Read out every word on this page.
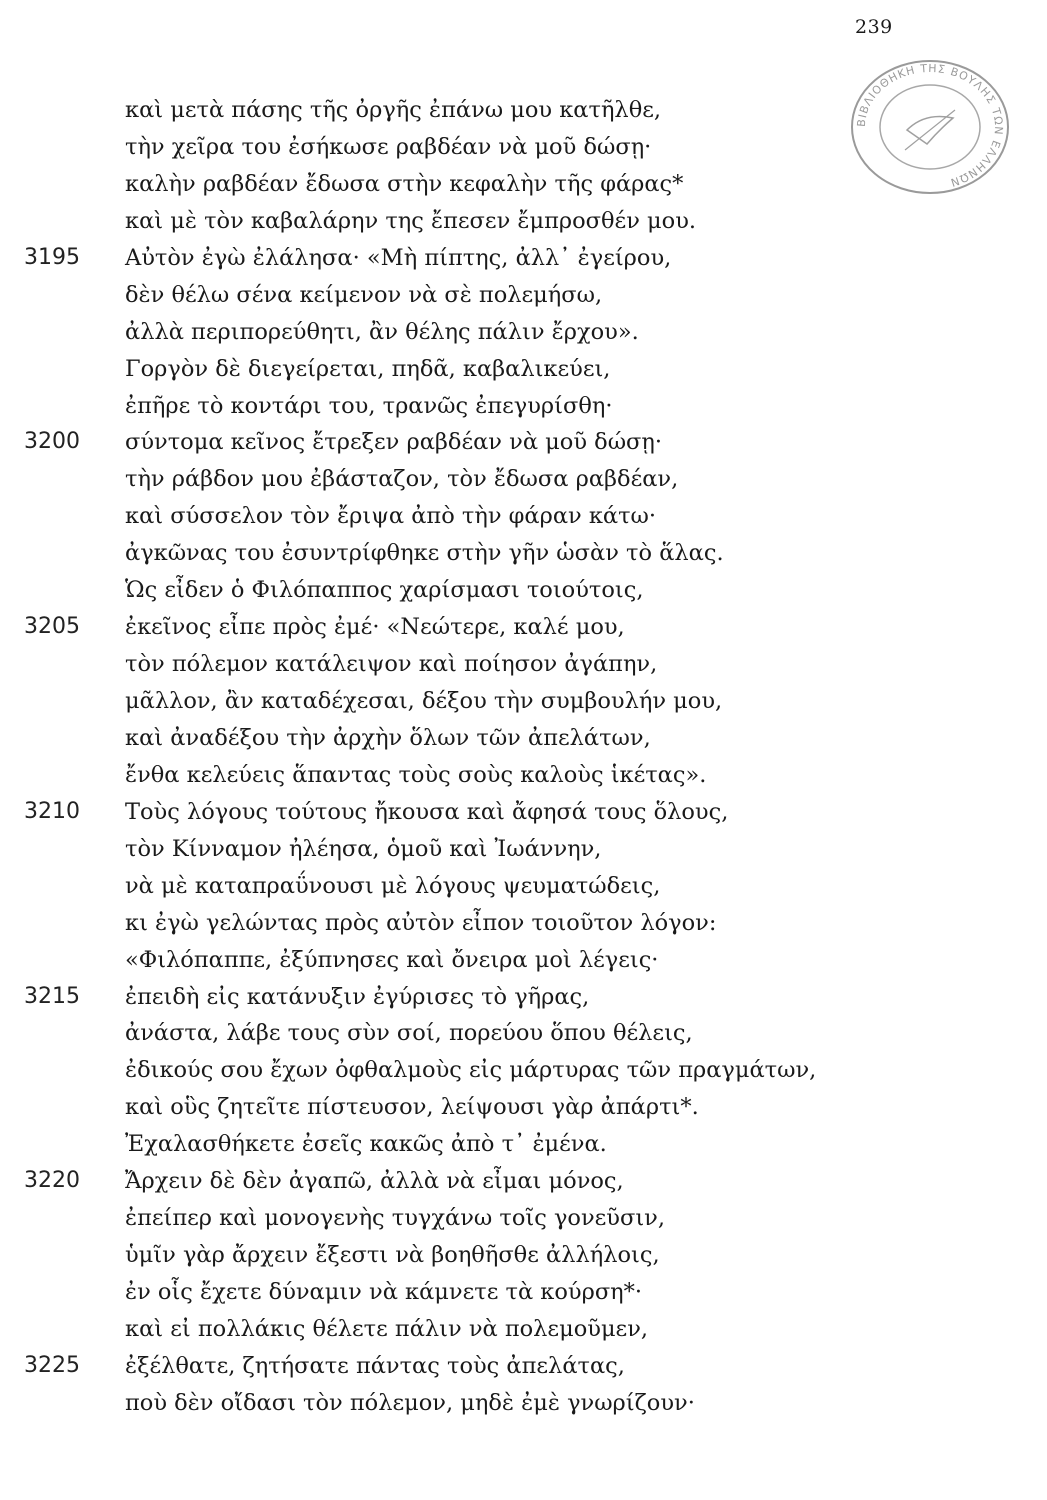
239
ΒΙΒΛΙΟΘΗΚΗ ΤΗΣ ΒΟΥΛΗΣ ΤΩΝ ΕΛΛΗΝΩΝ
καὶ μετὰ πάσης τῆς ὀργῆς ἐπάνω μου κατῆλθε,
τὴν χεῖρα του ἐσήκωσε ραβδέαν νὰ μοῦ δώσῃ·
καλὴν ραβδέαν ἔδωσα στὴν κεφαλὴν τῆς φάρας*
καὶ μὲ τὸν καβαλάρην της ἔπεσεν ἔμπροσθέν μου.
3195	Αὐτὸν ἐγὼ ἐλάλησα· «Μὴ πίπτης, ἀλλ᾽ ἐγείρου,
δὲν θέλω σένα κείμενον νὰ σὲ πολεμήσω,
ἀλλὰ περιπορεύθητι, ἂν θέλης πάλιν ἔρχου».
Γοργὸν δὲ διεγείρεται, πηδᾶ, καβαλικεύει,
ἐπῆρε τὸ κοντάρι του, τρανῶς ἐπεγυρίσθη·
3200	σύντομα κεῖνος ἔτρεξεν ραβδέαν νὰ μοῦ δώσῃ·
τὴν ράβδον μου ἐβάσταζον, τὸν ἔδωσα ραβδέαν,
καὶ σύσσελον τὸν ἔριψα ἀπὸ τὴν φάραν κάτω·
ἀγκῶνας του ἐσυντρίφθηκε στὴν γῆν ὡσὰν τὸ ἅλας.
Ὡς εἶδεν ὁ Φιλόπαππος χαρίσμασι τοιούτοις,
3205	ἐκεῖνος εἶπε πρὸς ἐμέ· «Νεώτερε, καλέ μου,
τὸν πόλεμον κατάλειψον καὶ ποίησον ἀγάπην,
μᾶλλον, ἂν καταδέχεσαι, δέξου τὴν συμβουλήν μου,
καὶ ἀναδέξου τὴν ἀρχὴν ὅλων τῶν ἀπελάτων,
ἔνθα κελεύεις ἅπαντας τοὺς σοὺς καλοὺς ἱκέτας».
3210	Τοὺς λόγους τούτους ἤκουσα καὶ ἄφησά τους ὅλους,
τὸν Κίνναμον ἠλέησα, ὁμοῦ καὶ Ἰωάννην,
νὰ μὲ καταπραΰνουσι μὲ λόγους ψευματώδεις,
κι ἐγὼ γελώντας πρὸς αὐτὸν εἶπον τοιοῦτον λόγον:
«Φιλόπαππε, ἐξύπνησες καὶ ὄνειρα μοὶ λέγεις·
3215	ἐπειδὴ εἰς κατάνυξιν ἐγύρισες τὸ γῆρας,
ἀνάστα, λάβε τους σὺν σοί, πορεύου ὅπου θέλεις,
ἐδικούς σου ἔχων ὀφθαλμοὺς εἰς μάρτυρας τῶν πραγμάτων,
καὶ οὓς ζητεῖτε πίστευσον, λείψουσι γὰρ ἀπάρτι*.
Ἐχαλασθήκετε ἐσεῖς κακῶς ἀπὸ τ᾽ ἐμένα.
3220	Ἄρχειν δὲ δὲν ἀγαπῶ, ἀλλὰ νὰ εἶμαι μόνος,
ἐπείπερ καὶ μονογενὴς τυγχάνω τοῖς γονεῦσιν,
ὑμῖν γὰρ ἄρχειν ἔξεστι νὰ βοηθῆσθε ἀλλήλοις,
ἐν οἷς ἔχετε δύναμιν νὰ κάμνετε τὰ κούρση*·
καὶ εἰ πολλάκις θέλετε πάλιν νὰ πολεμοῦμεν,
3225	ἐξέλθατε, ζητήσατε πάντας τοὺς ἀπελάτας,
ποὺ δὲν οἴδασι τὸν πόλεμον, μηδὲ ἐμὲ γνωρίζουν·
